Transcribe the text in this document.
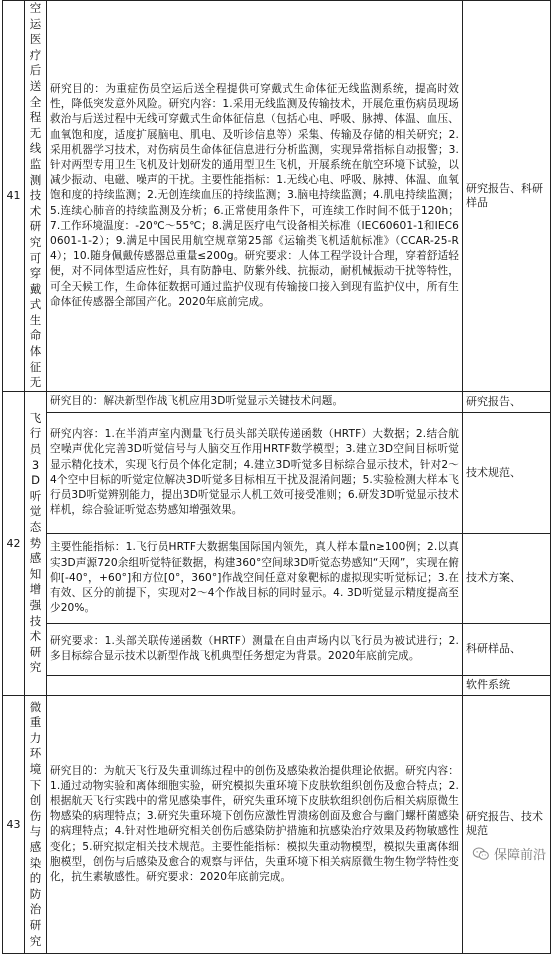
41	空运医疗后送全程无线监测技术研究可穿戴式生命体征无	研究目的：为重症伤员空运后送全程提供可穿戴式生命体征无线监测系统，提高时效性，降低突发意外风险。研究内容：1.采用无线监测及传输技术，开展危重伤病员现场救治与后送过程中无线可穿戴式生命体征信息（包括心电、呼吸、脉搏、体温、血压、血氧饱和度，适度扩展脑电、肌电、及听诊信息等）采集、传输及存储的相关研究；2.采用机器学习技术，对伤病员生命体征信息进行分析监测，实现异常指标自动报警；3.针对两型专用卫生飞机及计划研发的通用型卫生飞机，开展系统在航空环境下试验，以减少振动、电磁、噪声的干扰。主要性能指标：1.无线心电、呼吸、脉搏、体温、血氧饱和度的持续监测；2.无创连续血压的持续监测；3.脑电持续监测；4.肌电持续监测；5.连续心肺音的持续监测及分析；6.正常使用条件下，可连续工作时间不低于120h；7.工作环境温度：-20℃～55℃；8.满足医疗电气设备相关标准（IEC60601-1和IEC60601-1-2）；9.满足中国民用航空规章第25部《运输类飞机适航标准》（CCAR-25-R4）；10.随身佩戴传感器总重量≤200g。研究要求：人体工程学设计合理，穿着舒适轻便，对不同体型适应性好，具有防静电、防紫外线、抗振动，耐机械振动干扰等特性，可全天候工作，生命体征数据可通过监护仪现有传输接口接入到现有监护仪中，所有生命体征传感器全部国产化。2020年底前完成。	研究报告、科研样品
42	飞行员3D听觉态势感知增强技术研究	研究目的：解决新型作战飞机应用3D听觉显示关键技术问题。	研究报告、
		研究内容：1.在半消声室内测量飞行员头部关联传递函数（HRTF）大数据；2.结合航空噪声优化完善3D听觉信号与人脑交互作用HRTF数学模型；3.建立3D空间目标听觉显示精化技术，实现飞行员个体化定制；4.建立3D听觉多目标综合显示技术，针对2～4个空中目标的听觉定位解决3D听觉多目标相互干扰及混淆问题；5.实验检测大样本飞行员3D听觉辨别能力，提出3D听觉显示人机工效可接受准则；6.研发3D听觉显示技术样机，综合验证听觉态势感知增强效果。	技术规范、
		主要性能指标：1.飞行员HRTF大数据集国际国内领先，真人样本量n≥100例；2.以真实3D声源720余组听觉特征数据，构建360°空间球3D听觉态势感知“天网”，实现在俯仰[-40°，+60°]和方位[0°，360°]作战空间任意对象靶标的虚拟现实听觉标记；3.在有效、区分的前提下，实现对2～4个作战目标的同时显示。4. 3D听觉显示精度提高至少20%。	技术方案、
		研究要求：1.头部关联传递函数（HRTF）测量在自由声场内以飞行员为被试进行；2.多目标综合显示技术以新型作战飞机典型任务想定为背景。2020年底前完成。	科研样品、
			软件系统
43	微重力环境下创伤与感染的防治研究	研究目的：为航天飞行及失重训练过程中的创伤及感染救治提供理论依据。研究内容：1.通过动物实验和离体细胞实验，研究模拟失重环境下皮肤软组织创伤及愈合特点；2.根据航天飞行实践中的常见感染事件，研究失重环境下皮肤软组织创伤后相关病原微生物感染的病理特点；3.研究失重环境下创伤应激性胃溃疡创面及愈合与幽门螺杆菌感染的病理特点；4.针对性地研究相关创伤后感染防护措施和抗感染治疗效果及药物敏感性变化；5.研究拟定相关技术规范。主要性能指标：模拟失重动物模型，模拟失重离体细胞模型，创伤与后感染及愈合的观察与评估，失重环境下相关病原微生物生物学特性变化，抗生素敏感性。研究要求：2020年底前完成。	研究报告、技术规范
保障前沿
